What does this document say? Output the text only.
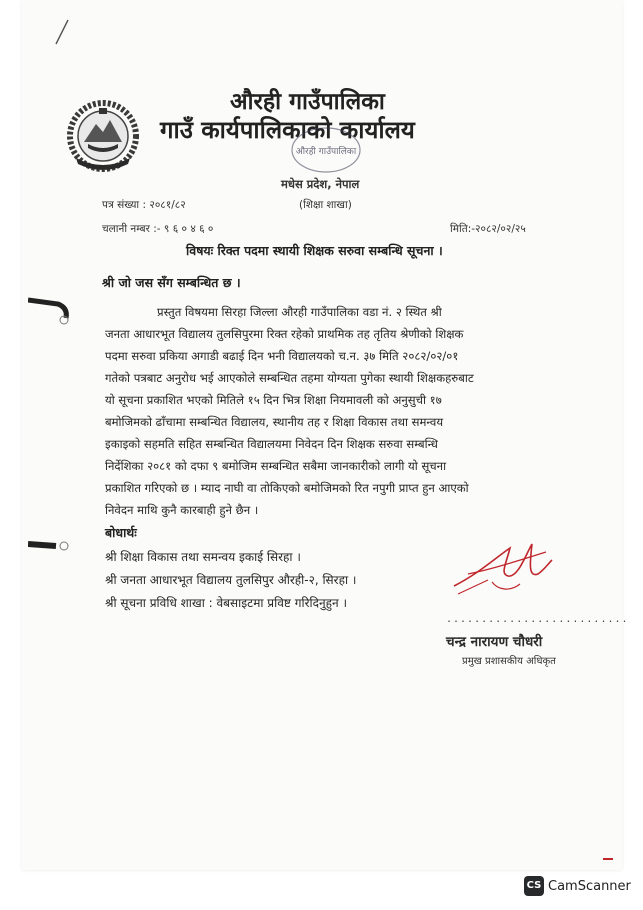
औरही गाउँपालिका
गाउँ कार्यपालिकाको कार्यालय
औरही गाउँपालिका
मधेस प्रदेश, नेपाल
(शिक्षा शाखा)
पत्र संख्या : २०८१/८२
चलानी नम्बर :- ९ ६ ० ४ ६ ०	मिति:-२०८२/०२/२५
विषयः रिक्त पदमा स्थायी शिक्षक सरुवा सम्बन्धि सूचना ।
श्री जो जस सँग सम्बन्धित छ ।

प्रस्तुत विषयमा सिरहा जिल्ला औरही गाउँपालिका वडा नं. २ स्थित श्री

जनता आधारभूत विद्यालय तुलसिपुरमा रिक्त रहेको प्राथमिक तह तृतिय श्रेणीको शिक्षक

पदमा सरुवा प्रकिया अगाडी बढाई दिन भनी विद्यालयको च.न. ३७ मिति २०८२/०२/०१

गतेको पत्रबाट अनुरोध भई आएकोले सम्बन्धित तहमा योग्यता पुगेका स्थायी शिक्षकहरुबाट

यो सूचना प्रकाशित भएको मितिले १५ दिन भित्र शिक्षा नियमावली को अनुसुची १७

बमोजिमको ढाँचामा सम्बन्धित विद्यालय, स्थानीय तह र शिक्षा विकास तथा समन्वय

इकाइको सहमति सहित सम्बन्धित विद्यालयमा निवेदन दिन शिक्षक सरुवा सम्बन्धि

निर्देशिका २०८१ को दफा ९ बमोजिम सम्बन्धित सबैमा जानकारीको लागी यो सूचना

प्रकाशित गरिएको छ । म्याद नाघी वा तोकिएको बमोजिमको रित नपुगी प्राप्त हुन आएको

निवेदन माथि कुनै कारबाही हुने छैन ।

बोधार्थः
श्री शिक्षा विकास तथा समन्वय इकाई सिरहा ।
श्री जनता आधारभूत विद्यालय तुलसिपुर औरही-२, सिरहा ।
श्री सूचना प्रविधि शाखा : वेबसाइटमा प्रविष्ट गरिदिनुहुन ।
..........................
चन्द्र नारायण चौधरी
प्रमुख प्रशासकीय अधिकृत
CS CamScanner
